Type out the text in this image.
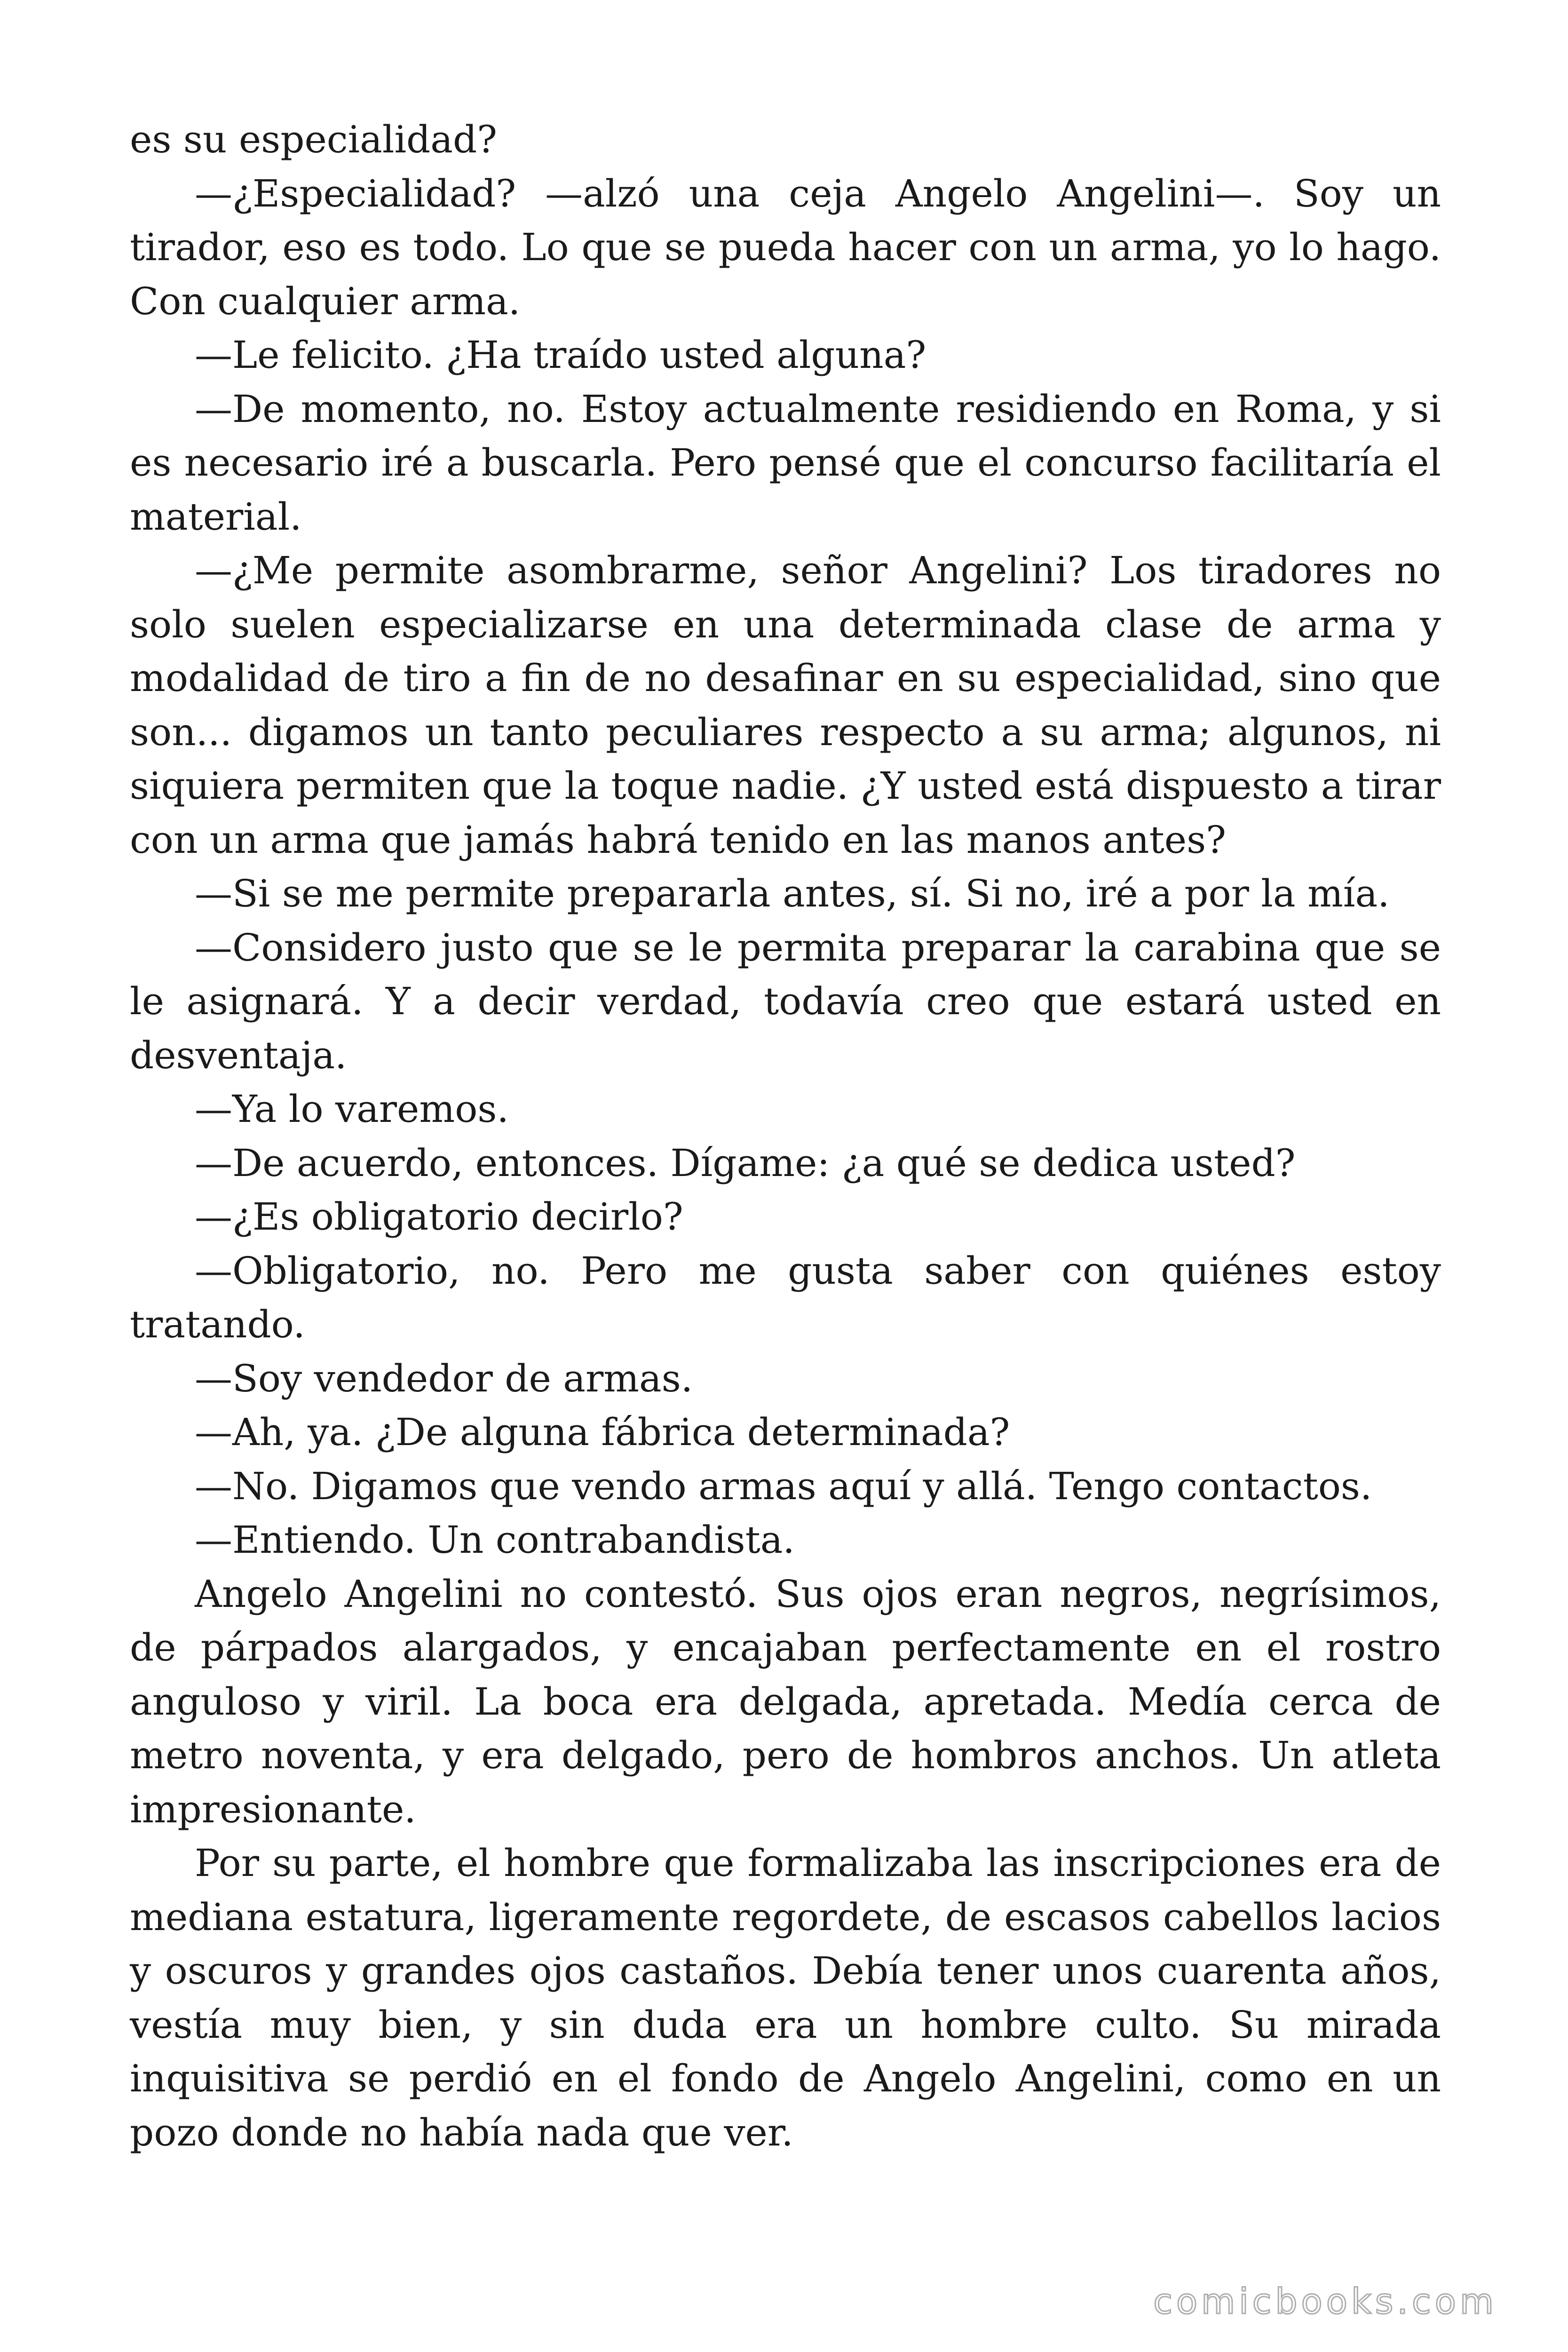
es su especialidad?

—¿Especialidad? —alzó una ceja Angelo Angelini—. Soy un tirador, eso es todo. Lo que se pueda hacer con un arma, yo lo hago. Con cualquier arma.

—Le felicito. ¿Ha traído usted alguna?

—De momento, no. Estoy actualmente residiendo en Roma, y si es necesario iré a buscarla. Pero pensé que el concurso facilitaría el material.

—¿Me permite asombrarme, señor Angelini? Los tiradores no solo suelen especializarse en una determinada clase de arma y modalidad de tiro a fin de no desafinar en su especialidad, sino que son... digamos un tanto peculiares respecto a su arma; algunos, ni siquiera permiten que la toque nadie. ¿Y usted está dispuesto a tirar con un arma que jamás habrá tenido en las manos antes?

—Si se me permite prepararla antes, sí. Si no, iré a por la mía.

—Considero justo que se le permita preparar la carabina que se le asignará. Y a decir verdad, todavía creo que estará usted en desventaja.

—Ya lo varemos.

—De acuerdo, entonces. Dígame: ¿a qué se dedica usted?

—¿Es obligatorio decirlo?

—Obligatorio, no. Pero me gusta saber con quiénes estoy tratando.

—Soy vendedor de armas.

—Ah, ya. ¿De alguna fábrica determinada?

—No. Digamos que vendo armas aquí y allá. Tengo contactos.

—Entiendo. Un contrabandista.

Angelo Angelini no contestó. Sus ojos eran negros, negrísimos, de párpados alargados, y encajaban perfectamente en el rostro anguloso y viril. La boca era delgada, apretada. Medía cerca de metro noventa, y era delgado, pero de hombros anchos. Un atleta impresionante.

Por su parte, el hombre que formalizaba las inscripciones era de mediana estatura, ligeramente regordete, de escasos cabellos lacios y oscuros y grandes ojos castaños. Debía tener unos cuarenta años, vestía muy bien, y sin duda era un hombre culto. Su mirada inquisitiva se perdió en el fondo de Angelo Angelini, como en un pozo donde no había nada que ver.

comicbooks.com
